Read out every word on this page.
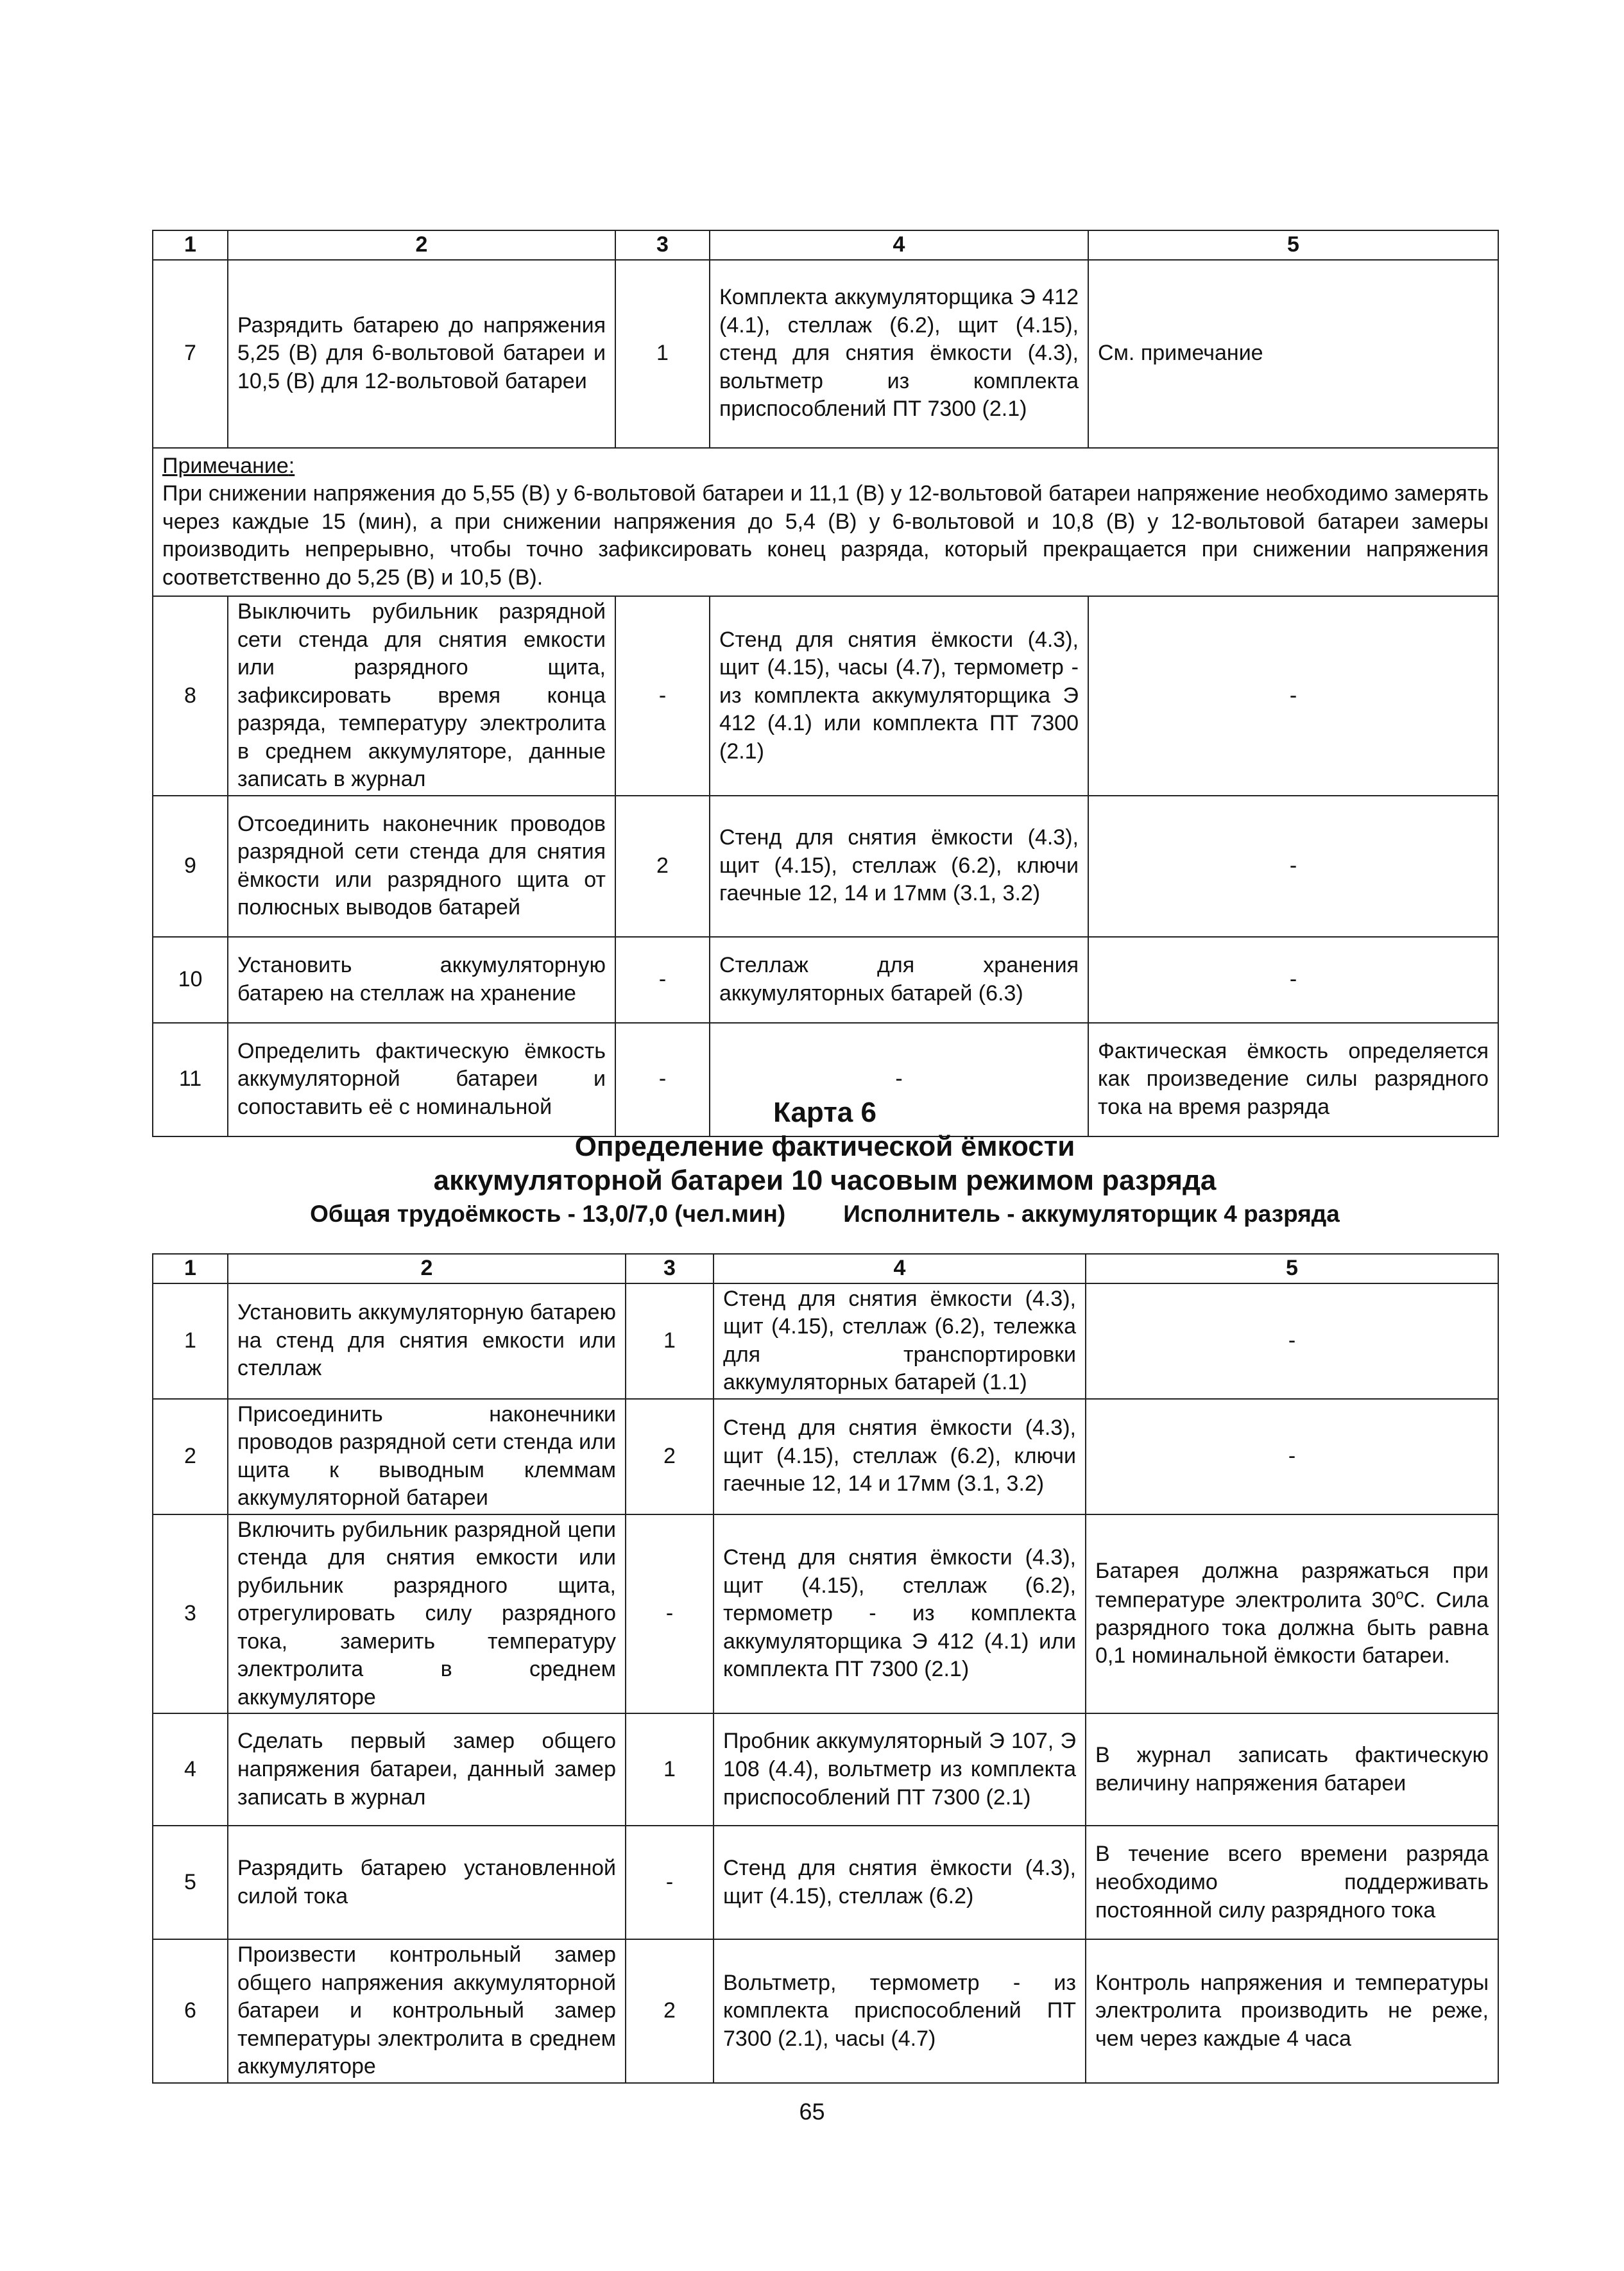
1	2	3	4	5
7	Разрядить батарею до напряжения 5,25 (В) для 6-вольтовой батареи и 10,5 (В) для 12-вольтовой батареи	1	Комплекта аккумуляторщика Э 412 (4.1), стеллаж (6.2), щит (4.15), стенд для снятия ёмкости (4.3), вольтметр из комплекта приспособлений ПТ 7300 (2.1)	См. примечание

Примечание:
При снижении напряжения до 5,55 (В) у 6-вольтовой батареи и 11,1 (В) у 12-вольтовой батареи напряжение необходимо замерять через каждые 15 (мин), а при снижении напряжения до 5,4 (В) у 6-вольтовой и 10,8 (В) у 12-вольтовой батареи замеры производить непрерывно, чтобы точно зафиксировать конец разряда, который прекращается при снижении напряжения соответственно до 5,25 (В) и 10,5 (В).				
8	Выключить рубильник разрядной сети стенда для снятия емкости или разрядного щита, зафиксировать время конца разряда, температуру электролита в среднем аккумуляторе, данные записать в журнал	-	Стенд для снятия ёмкости (4.3), щит (4.15), часы (4.7), термометр - из комплекта аккумуляторщика Э 412 (4.1) или комплекта ПТ 7300 (2.1)	-
9	Отсоединить наконечник проводов разрядной сети стенда для снятия ёмкости или разрядного щита от полюсных выводов батарей	2	Стенд для снятия ёмкости (4.3), щит (4.15), стеллаж (6.2), ключи гаечные 12, 14 и 17мм (3.1, 3.2)	-
10	Установить аккумуляторную батарею на стеллаж на хранение	-	Стеллаж для хранения аккумуляторных батарей (6.3)	-
11	Определить фактическую ёмкость аккумуляторной батареи и сопоставить её с номинальной	-	-	Фактическая ёмкость определяется как произведение силы разрядного тока на время разряда
Карта 6
Определение фактической ёмкости
аккумуляторной батареи 10 часовым режимом разряда
Общая трудоёмкость - 13,0/7,0 (чел.мин) Исполнитель - аккумуляторщик 4 разряда
1	2	3	4	5
1	Установить аккумуляторную батарею на стенд для снятия емкости или стеллаж	1	Стенд для снятия ёмкости (4.3), щит (4.15), стеллаж (6.2), тележка для транспортировки аккумуляторных батарей (1.1)	-
2	Присоединить наконечники проводов разрядной сети стенда или щита к выводным клеммам аккумуляторной батареи	2	Стенд для снятия ёмкости (4.3), щит (4.15), стеллаж (6.2), ключи гаечные 12, 14 и 17мм (3.1, 3.2)	-
3	Включить рубильник разрядной цепи стенда для снятия емкости или рубильник разрядного щита, отрегулировать силу разрядного тока, замерить температуру электролита в среднем аккумуляторе	-	Стенд для снятия ёмкости (4.3), щит (4.15), стеллаж (6.2), термометр - из комплекта аккумуляторщика Э 412 (4.1) или комплекта ПТ 7300 (2.1)	Батарея должна разряжаться при температуре электролита 30$^o$С. Сила разрядного тока должна быть равна 0,1 номинальной ёмкости батареи.
4	Сделать первый замер общего напряжения батареи, данный замер записать в журнал	1	Пробник аккумуляторный Э 107, Э 108 (4.4), вольтметр из комплекта приспособлений ПТ 7300 (2.1)	В журнал записать фактическую величину напряжения батареи
5	Разрядить батарею установленной силой тока	-	Стенд для снятия ёмкости (4.3), щит (4.15), стеллаж (6.2)	В течение всего времени разряда необходимо поддерживать постоянной силу разрядного тока
6	Произвести контрольный замер общего напряжения аккумуляторной батареи и контрольный замер температуры электролита в среднем аккумуляторе	2	Вольтметр, термометр - из комплекта приспособлений ПТ 7300 (2.1), часы (4.7)	Контроль напряжения и температуры электролита производить не реже, чем через каждые 4 часа
65
